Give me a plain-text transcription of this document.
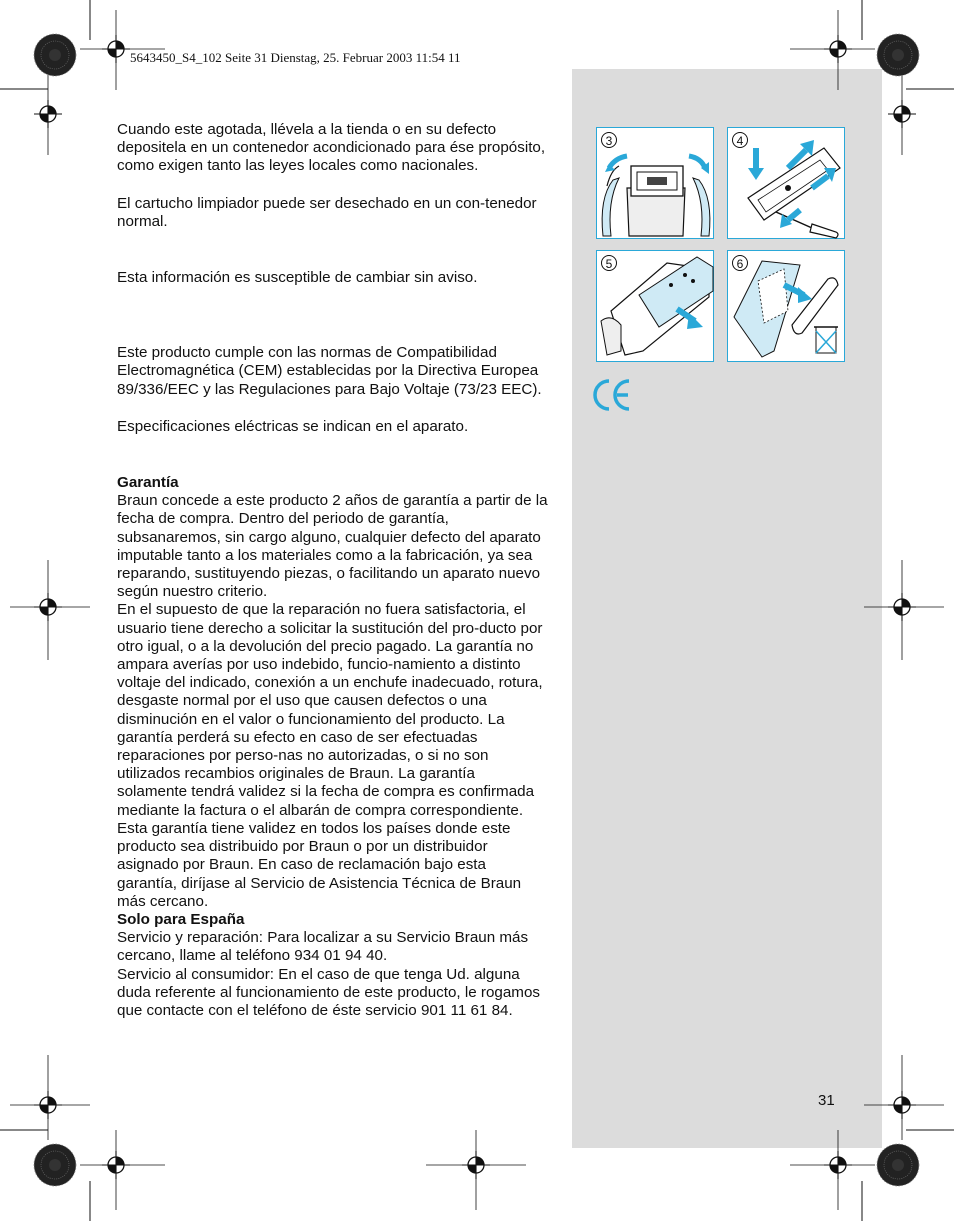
5643450_S4_102 Seite 31 Dienstag, 25. Februar 2003 11:54 11

Cuando este agotada, llévela a la tienda o en su defecto depositela en un contenedor acondicionado para ése propósito, como exigen tanto las leyes locales como nacionales.

El cartucho limpiador puede ser desechado en un con-tenedor normal.

Esta información es susceptible de cambiar sin aviso.

Este producto cumple con las normas de Compatibilidad Electromagnética (CEM) establecidas por la Directiva Europea 89/336/EEC y las Regulaciones para Bajo Voltaje (73/23 EEC).

Especificaciones eléctricas se indican en el aparato.

Garantía

Braun concede a este producto 2 años de garantía a partir de la fecha de compra. Dentro del periodo de garantía, subsanaremos, sin cargo alguno, cualquier defecto del aparato imputable tanto a los materiales como a la fabricación, ya sea reparando, sustituyendo piezas, o facilitando un aparato nuevo según nuestro criterio.

En el supuesto de que la reparación no fuera satisfactoria, el usuario tiene derecho a solicitar la sustitución del pro-ducto por otro igual, o a la devolución del precio pagado. La garantía no ampara averías por uso indebido, funcio-namiento a distinto voltaje del indicado, conexión a un enchufe inadecuado, rotura, desgaste normal por el uso que causen defectos o una disminución en el valor o funcionamiento del producto. La garantía perderá su efecto en caso de ser efectuadas reparaciones por perso-nas no autorizadas, o si no son utilizados recambios originales de Braun. La garantía solamente tendrá validez si la fecha de compra es confirmada mediante la factura o el albarán de compra correspondiente. Esta garantía tiene validez en todos los países donde este producto sea distribuido por Braun o por un distribuidor asignado por Braun. En caso de reclamación bajo esta garantía, diríjase al Servicio de Asistencia Técnica de Braun más cercano.

Solo para España

Servicio y reparación: Para localizar a su Servicio Braun más cercano, llame al teléfono 934 01 94 40.

Servicio al consumidor: En el caso de que tenga Ud. alguna duda referente al funcionamiento de este producto, le rogamos que contacte con el teléfono de éste servicio 901 11 61 84.

3	4
5	6
31
